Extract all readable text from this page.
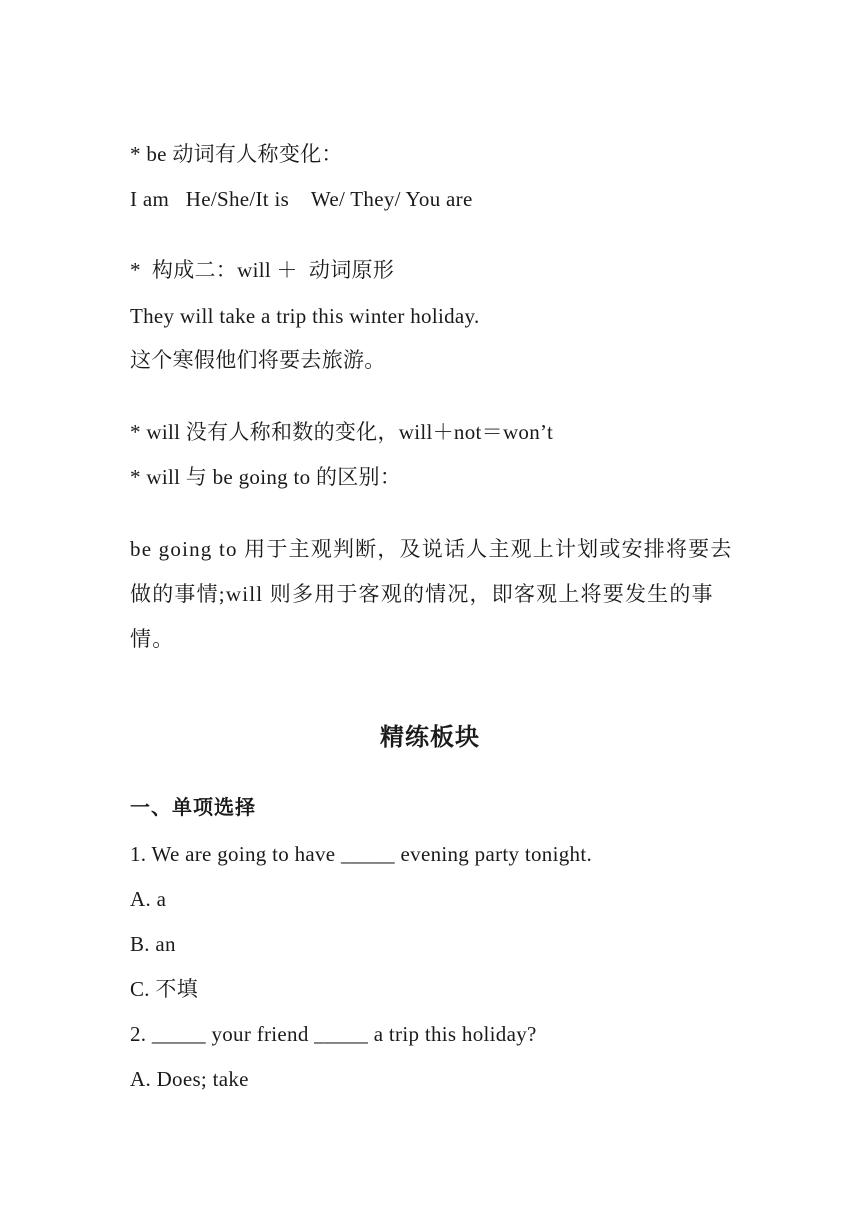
* be 动词有人称变化：
I am   He/She/It is    We/ They/ You are
*  构成二：will ＋  动词原形
They will take a trip this winter holiday.
这个寒假他们将要去旅游。
* will 没有人称和数的变化，will＋not＝won’t
* will 与 be going to 的区别：
be going to 用于主观判断，及说话人主观上计划或安排将要去做的事情;will 则多用于客观的情况，即客观上将要发生的事情。
精练板块
一、单项选择
1. We are going to have _____ evening party tonight.
A. a
B. an
C. 不填
2. _____ your friend _____ a trip this holiday?
A. Does; take
